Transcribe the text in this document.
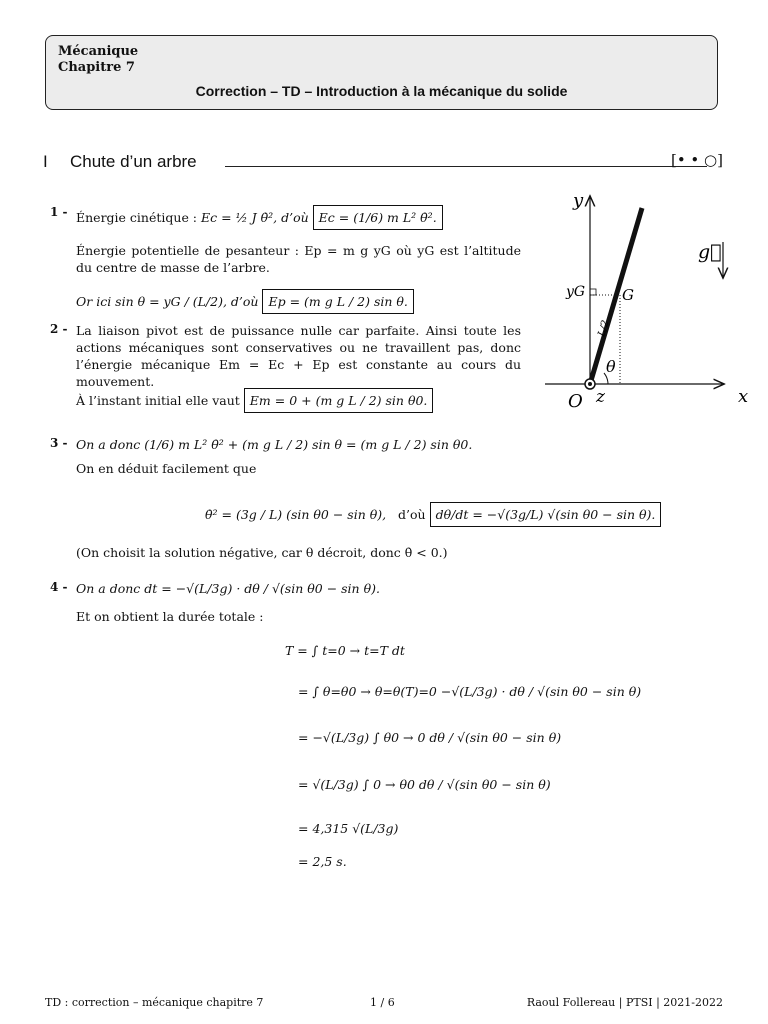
Mécanique
Chapitre 7
Correction – TD – Introduction à la mécanique du solide
I Chute d’un arbre	[• • ○]
1 - Énergie cinétique : Ec = ½ J θ̇², d’où Ec = (1/6) m L² θ̇².
Énergie potentielle de pesanteur : Ep = m g yG où yG est l’altitude du centre de masse de l’arbre.
Or ici sin θ = yG / (L/2), d’où Ep = (m g L / 2) sin θ.
2 - La liaison pivot est de puissance nulle car parfaite. Ainsi toute les actions mécaniques sont conservatives ou ne travaillent pas, donc l’énergie mécanique Em = Ec + Ep est constante au cours du mouvement.
À l’instant initial elle vaut Em = 0 + (m g L / 2) sin θ0.
3 - On a donc (1/6) m L² θ̇² + (m g L / 2) sin θ = (m g L / 2) sin θ0.
On en déduit facilement que
θ̇² = (3g / L) (sin θ0 − sin θ), d’où dθ/dt = −√(3g/L) √(sin θ0 − sin θ).
(On choisit la solution négative, car θ décroit, donc θ̇ < 0.)
4 - On a donc dt = −√(L/3g) · dθ / √(sin θ0 − sin θ).
Et on obtient la durée totale :
T = ∫ t=0 → t=T dt
= ∫ θ=θ0 → θ=θ(T)=0 −√(L/3g) · dθ / √(sin θ0 − sin θ)
= −√(L/3g) ∫ θ0 → 0 dθ / √(sin θ0 − sin θ)
= √(L/3g) ∫ 0 → θ0 dθ / √(sin θ0 − sin θ)
= 4,315 √(L/3g)
= 2,5 s.
y
x
z
O
yG G
L/2
θ
g⃗
TD : correction – mécanique chapitre 7	1 / 6	Raoul Follereau | PTSI | 2021-2022
